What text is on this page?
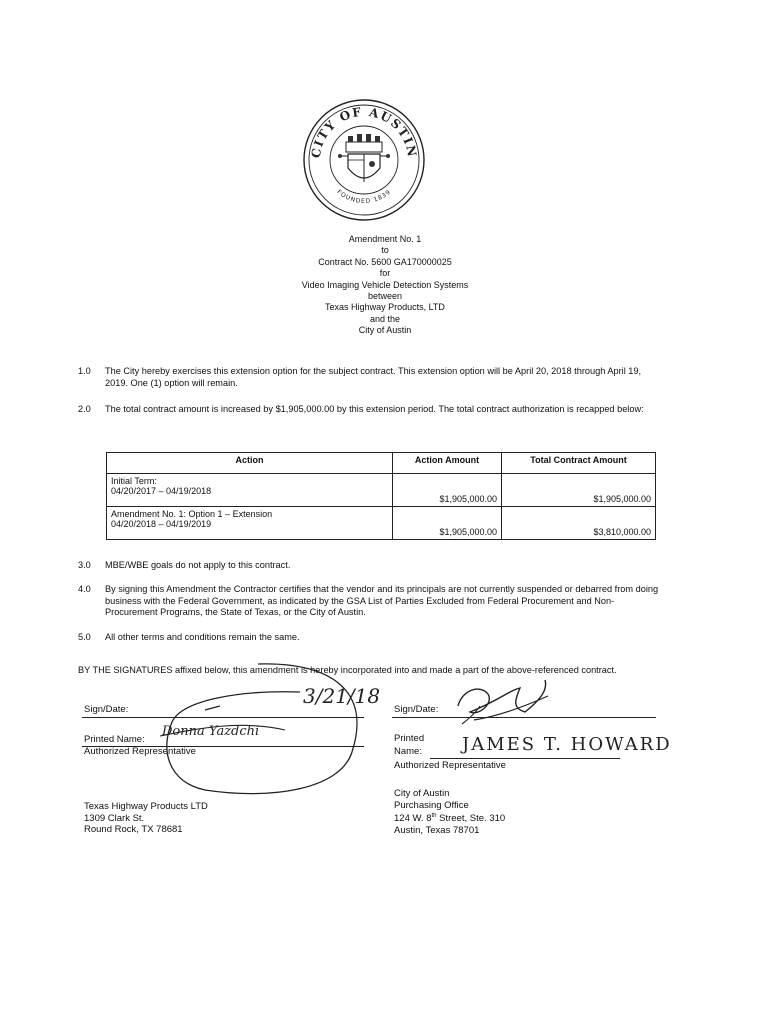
CITY OF AUSTIN
FOUNDED 1839
Amendment No. 1
to
Contract No. 5600 GA170000025
for
Video Imaging Vehicle Detection Systems
between
Texas Highway Products, LTD
and the
City of Austin
1.0 The City hereby exercises this extension option for the subject contract. This extension option will be April 20, 2018 through April 19, 2019. One (1) option will remain.
2.0 The total contract amount is increased by $1,905,000.00 by this extension period. The total contract authorization is recapped below:
Action	Action Amount	Total Contract Amount

Initial Term:
04/20/2017 – 04/19/2018	$1,905,000.00	$1,905,000.00

Amendment No. 1: Option 1 – Extension
04/20/2018 – 04/19/2019	$1,905,000.00	$3,810,000.00
3.0 MBE/WBE goals do not apply to this contract.
4.0 By signing this Amendment the Contractor certifies that the vendor and its principals are not currently suspended or debarred from doing business with the Federal Government, as indicated by the GSA List of Parties Excluded from Federal Procurement and Non-Procurement Programs, the State of Texas, or the City of Austin.
5.0 All other terms and conditions remain the same.
BY THE SIGNATURES affixed below, this amendment is hereby incorporated into and made a part of the above-referenced contract.
Sign/Date:
3/21/18
Printed Name:
Donna Yazdchi
Authorized Representative
Texas Highway Products LTD
1309 Clark St.
Round Rock, TX 78681
Sign/Date:
Printed
Name: JAMES T. HOWARD
Authorized Representative
City of Austin
Purchasing Office
124 W. 8th Street, Ste. 310
Austin, Texas 78701
